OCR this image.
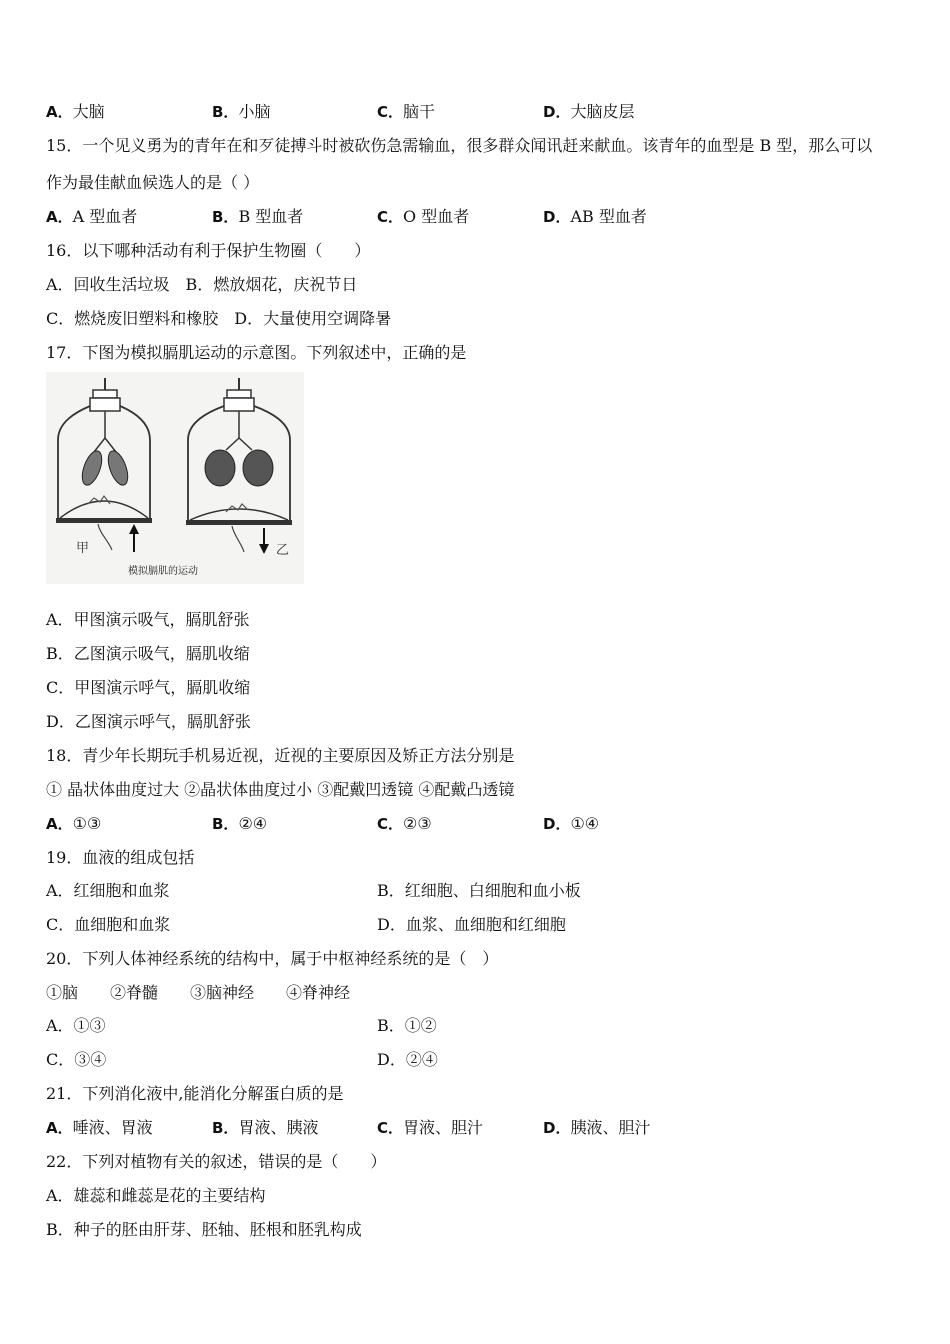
A．大脑	B．小脑	C．脑干	D．大脑皮层
15．一个见义勇为的青年在和歹徒搏斗时被砍伤急需输血，很多群众闻讯赶来献血。该青年的血型是 B 型，那么可以
作为最佳献血候选人的是（ ）
A．A 型血者	B．B 型血者	C．O 型血者	D．AB 型血者
16．以下哪种活动有利于保护生物圈（　　）
A．回收生活垃圾　B．燃放烟花，庆祝节日
C．燃烧废旧塑料和橡胶　D．大量使用空调降暑
17．下图为模拟膈肌运动的示意图。下列叙述中，正确的是
甲	乙
模拟膈肌的运动
A．甲图演示吸气，膈肌舒张
B．乙图演示吸气，膈肌收缩
C．甲图演示呼气，膈肌收缩
D．乙图演示呼气，膈肌舒张
18．青少年长期玩手机易近视，近视的主要原因及矫正方法分别是
① 晶状体曲度过大 ②晶状体曲度过小 ③配戴凹透镜 ④配戴凸透镜
A．①③	B．②④	C．②③	D．①④
19．血液的组成包括
A．红细胞和血浆	B．红细胞、白细胞和血小板
C．血细胞和血浆	D．血浆、血细胞和红细胞
20．下列人体神经系统的结构中，属于中枢神经系统的是（　）
①脑　　②脊髓　　③脑神经　　④脊神经
A．①③	B．①②
C．③④	D．②④
21．下列消化液中,能消化分解蛋白质的是
A．唾液、胃液	B．胃液、胰液	C．胃液、胆汁	D．胰液、胆汁
22．下列对植物有关的叙述，错误的是（　　）
A．雄蕊和雌蕊是花的主要结构
B．种子的胚由肝芽、胚轴、胚根和胚乳构成
